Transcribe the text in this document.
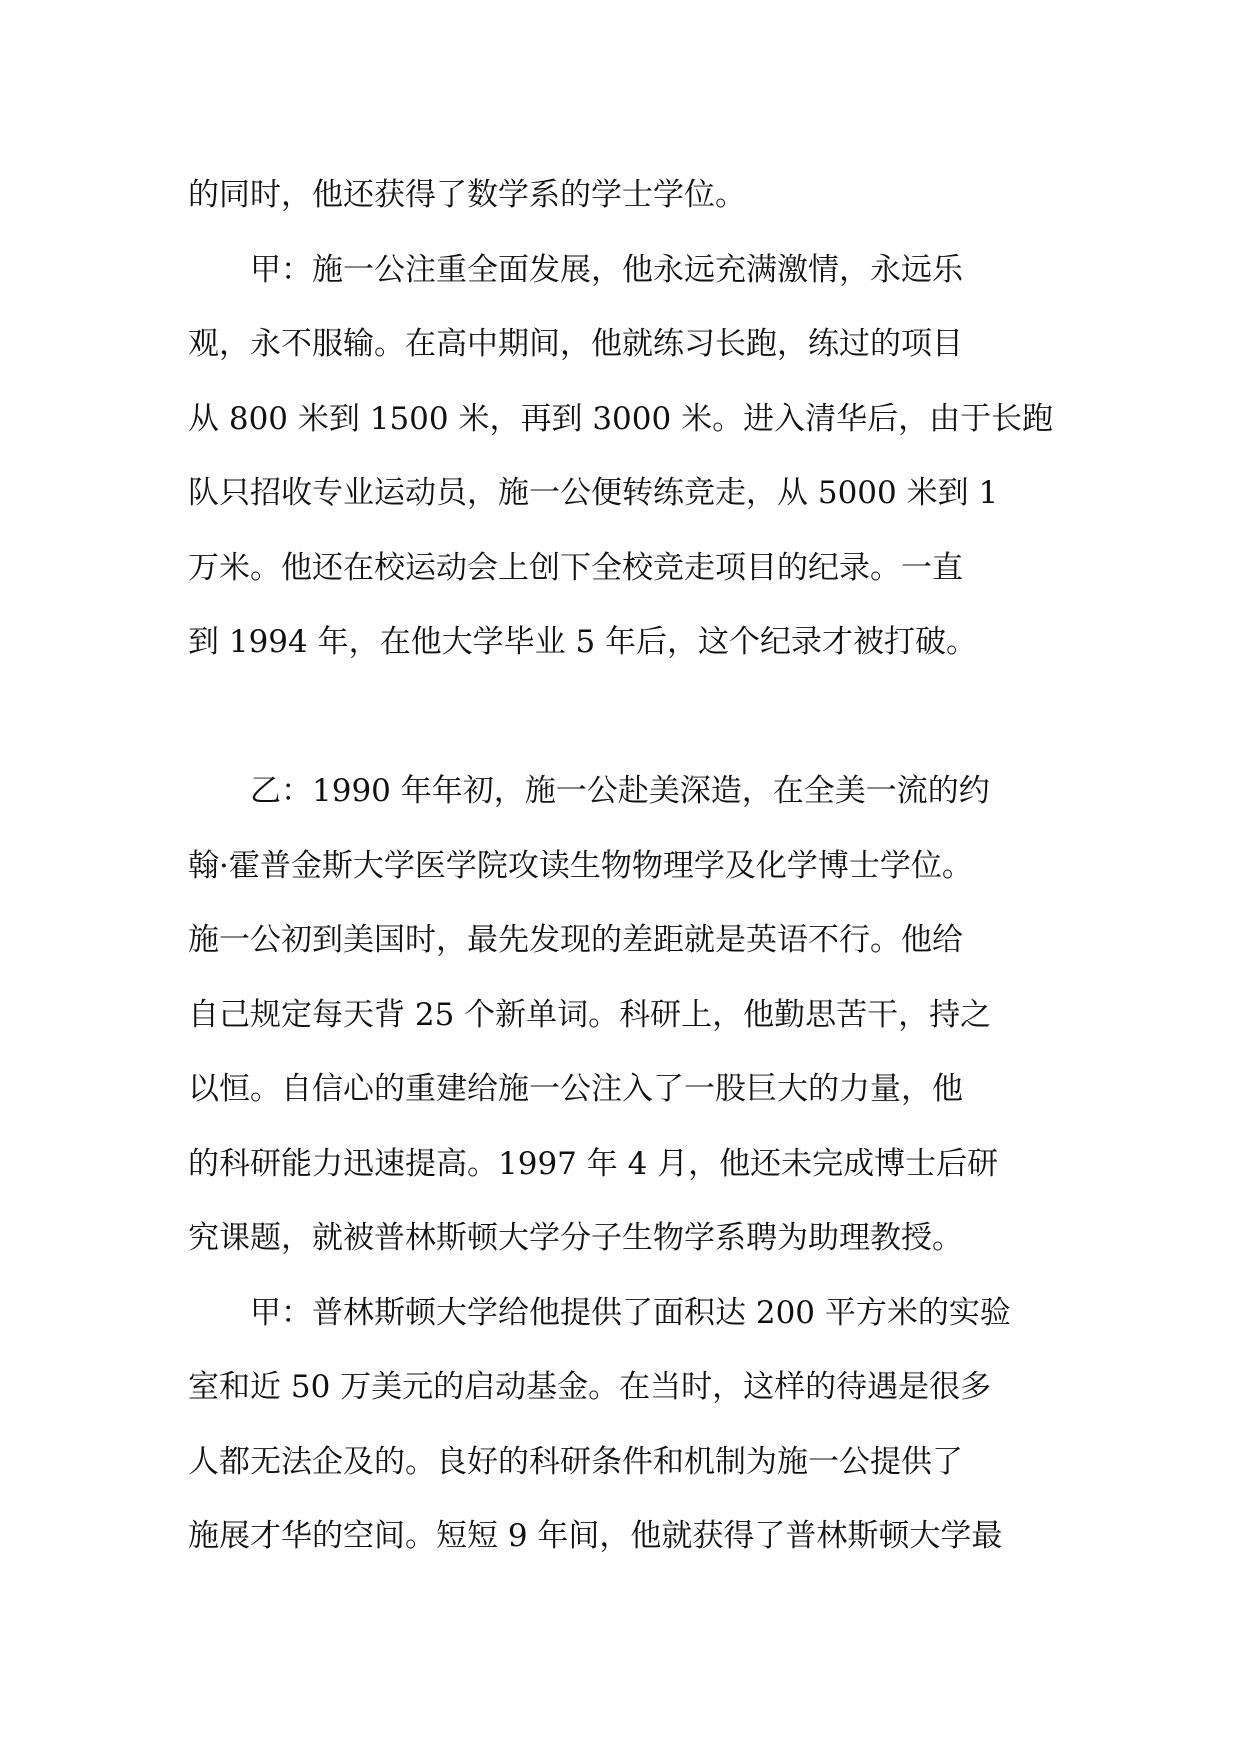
的同时，他还获得了数学系的学士学位。
甲：施一公注重全面发展，他永远充满激情，永远乐
观，永不服输。在高中期间，他就练习长跑，练过的项目
从 800 米到 1500 米，再到 3000 米。进入清华后，由于长跑
队只招收专业运动员，施一公便转练竞走，从 5000 米到 1
万米。他还在校运动会上创下全校竞走项目的纪录。一直
到 1994 年，在他大学毕业 5 年后，这个纪录才被打破。
乙：1990 年年初，施一公赴美深造，在全美一流的约
翰·霍普金斯大学医学院攻读生物物理学及化学博士学位。
施一公初到美国时，最先发现的差距就是英语不行。他给
自己规定每天背 25 个新单词。科研上，他勤思苦干，持之
以恒。自信心的重建给施一公注入了一股巨大的力量，他
的科研能力迅速提高。1997 年 4 月，他还未完成博士后研
究课题，就被普林斯顿大学分子生物学系聘为助理教授。
甲：普林斯顿大学给他提供了面积达 200 平方米的实验
室和近 50 万美元的启动基金。在当时，这样的待遇是很多
人都无法企及的。良好的科研条件和机制为施一公提供了
施展才华的空间。短短 9 年间，他就获得了普林斯顿大学最
